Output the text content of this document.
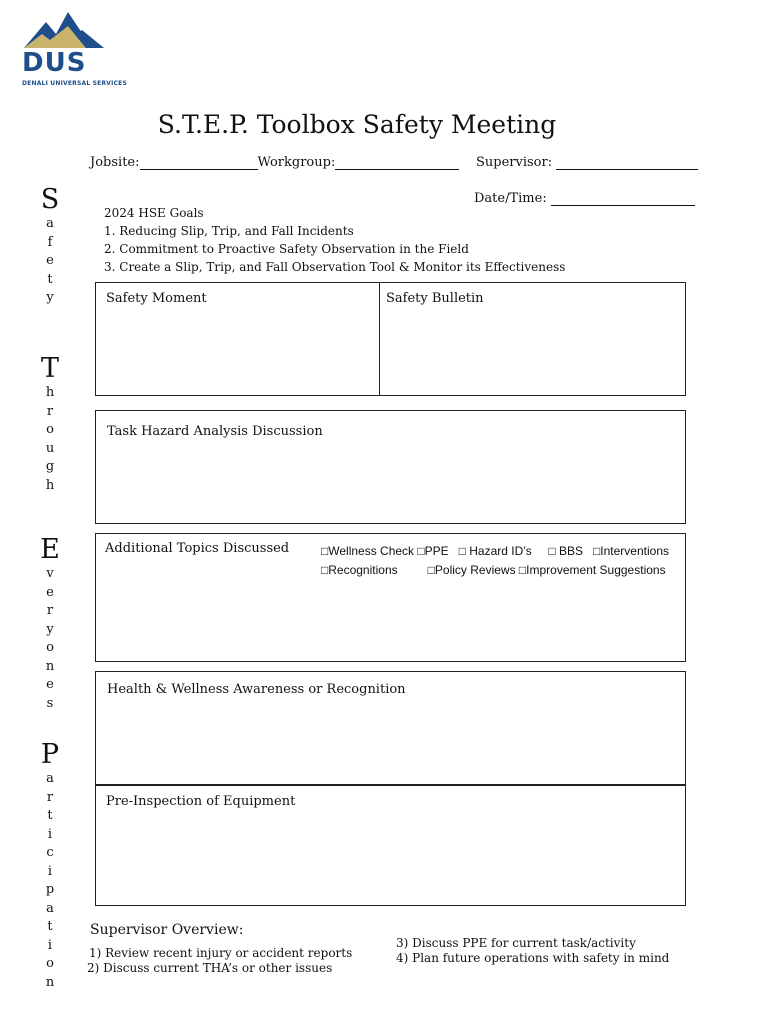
DUS
DENALI UNIVERSAL SERVICES
S.T.E.P. Toolbox Safety Meeting
Jobsite:	Workgroup:	Supervisor:
Date/Time:
2024 HSE Goals
1. Reducing Slip, Trip, and Fall Incidents
2. Commitment to Proactive Safety Observation in the Field
3. Create a Slip, Trip, and Fall Observation Tool & Monitor its Effectiveness
S
a
f
e
t
y
T
h
r
o
u
g
h
E
v
e
r
y
o
n
e
s
P
a
r
t
i
c
i
p
a
t
i
o
n
Safety Moment	Safety Bulletin
Task Hazard Analysis Discussion
Additional Topics Discussed	□Wellness Check □PPE □ Hazard ID’s □ BBS □Interventions
□Recognitions	□Policy Reviews □Improvement Suggestions
Health & Wellness Awareness or Recognition
Pre-Inspection of Equipment
Supervisor Overview:
1) Review recent injury or accident reports
2) Discuss current THA’s or other issues
3) Discuss PPE for current task/activity
4) Plan future operations with safety in mind
